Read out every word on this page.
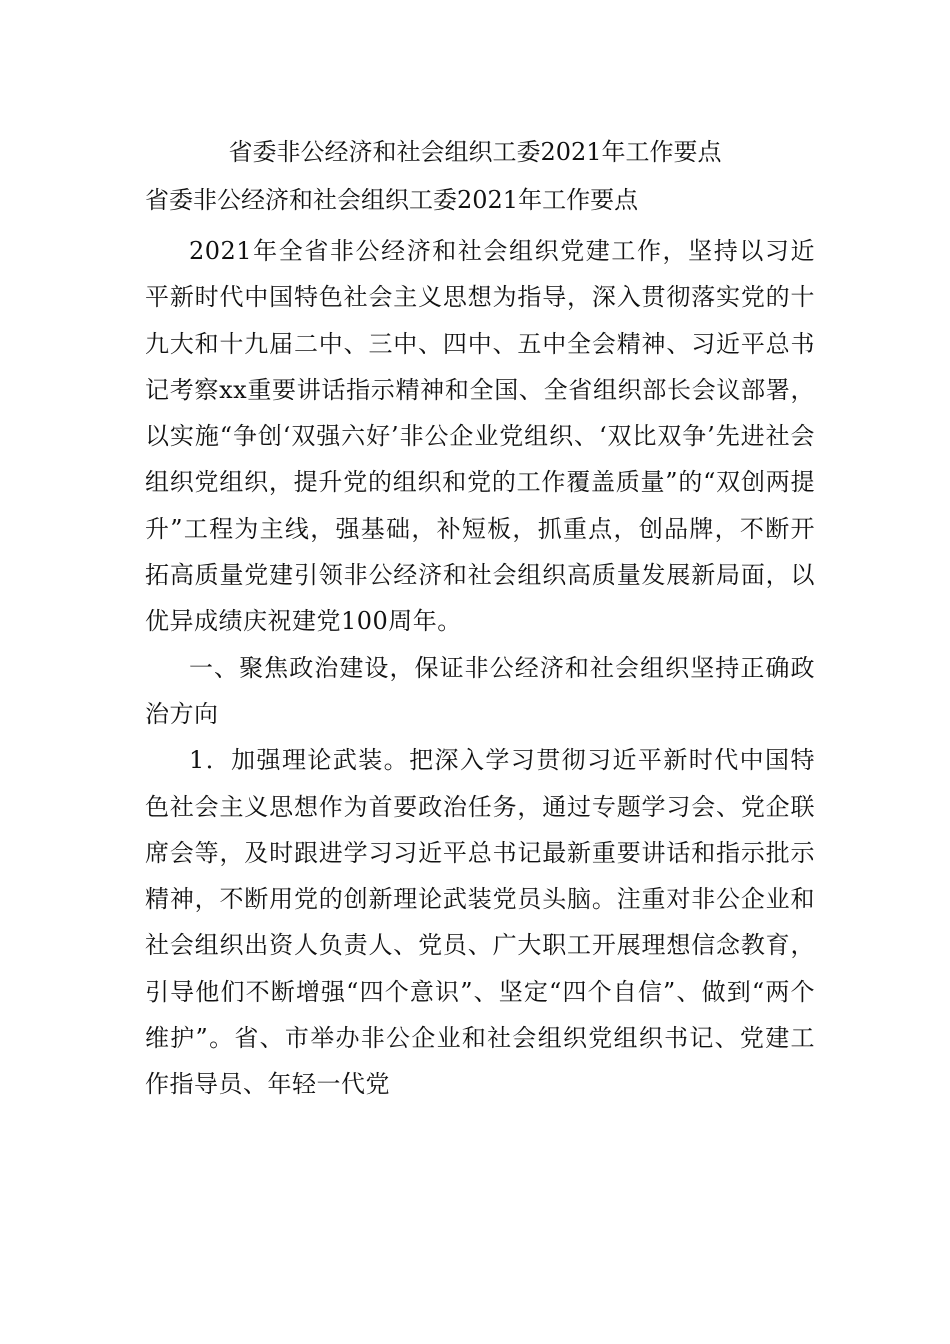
省委非公经济和社会组织工委2021年工作要点
省委非公经济和社会组织工委2021年工作要点

2021年全省非公经济和社会组织党建工作，坚持以习近平新时代中国特色社会主义思想为指导，深入贯彻落实党的十九大和十九届二中、三中、四中、五中全会精神、习近平总书记考察xx重要讲话指示精神和全国、全省组织部长会议部署，以实施“争创‘双强六好’非公企业党组织、‘双比双争’先进社会组织党组织，提升党的组织和党的工作覆盖质量”的“双创两提升”工程为主线，强基础，补短板，抓重点，创品牌，不断开拓高质量党建引领非公经济和社会组织高质量发展新局面，以优异成绩庆祝建党100周年。

一、聚焦政治建设，保证非公经济和社会组织坚持正确政治方向

1．加强理论武装。把深入学习贯彻习近平新时代中国特色社会主义思想作为首要政治任务，通过专题学习会、党企联席会等，及时跟进学习习近平总书记最新重要讲话和指示批示精神，不断用党的创新理论武装党员头脑。注重对非公企业和社会组织出资人负责人、党员、广大职工开展理想信念教育，引导他们不断增强“四个意识”、坚定“四个自信”、做到“两个维护”。省、市举办非公企业和社会组织党组织书记、党建工作指导员、年轻一代党
